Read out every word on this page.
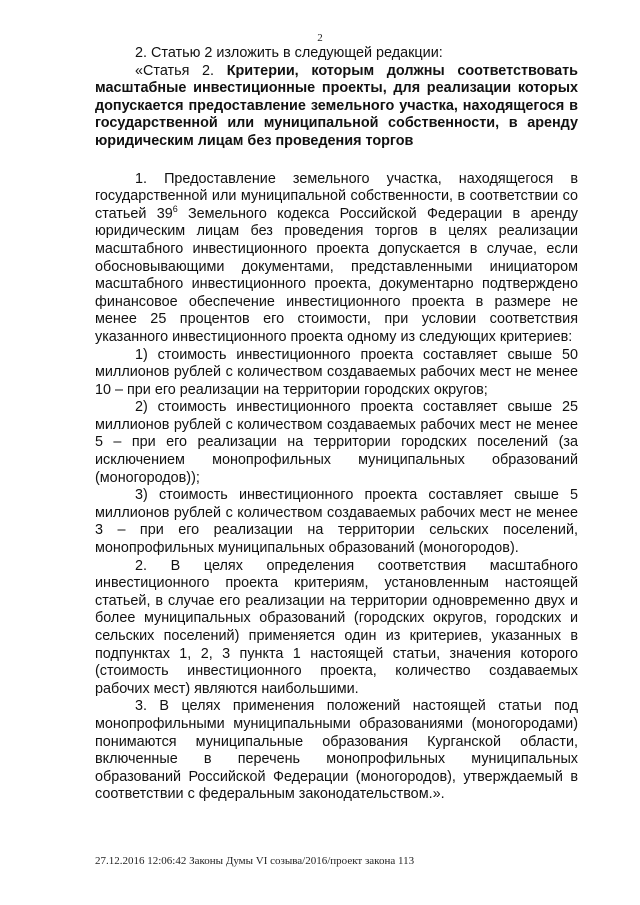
2

2. Статью 2 изложить в следующей редакции:

«Статья 2. Критерии, которым должны соответствовать масштабные инвестиционные проекты, для реализации которых допускается предоставление земельного участка, находящегося в государственной или муниципальной собственности, в аренду юридическим лицам без проведения торгов

1. Предоставление земельного участка, находящегося в государственной или муниципальной собственности, в соответствии со статьей $39^6$ Земельного кодекса Российской Федерации в аренду юридическим лицам без проведения торгов в целях реализации масштабного инвестиционного проекта допускается в случае, если обосновывающими документами, представленными инициатором масштабного инвестиционного проекта, документарно подтверждено финансовое обеспечение инвестиционного проекта в размере не менее 25 процентов его стоимости, при условии соответствия указанного инвестиционного проекта одному из следующих критериев:

1) стоимость инвестиционного проекта составляет свыше 50 миллионов рублей с количеством создаваемых рабочих мест не менее 10 – при его реализации на территории городских округов;

2) стоимость инвестиционного проекта составляет свыше 25 миллионов рублей с количеством создаваемых рабочих мест не менее 5 – при его реализации на территории городских поселений (за исключением монопрофильных муниципальных образований (моногородов));

3) стоимость инвестиционного проекта составляет свыше 5 миллионов рублей с количеством создаваемых рабочих мест не менее 3 – при его реализации на территории сельских поселений, монопрофильных муниципальных образований (моногородов).

2. В целях определения соответствия масштабного инвестиционного проекта критериям, установленным настоящей статьей, в случае его реализации на территории одновременно двух и более муниципальных образований (городских округов, городских и сельских поселений) применяется один из критериев, указанных в подпунктах 1, 2, 3 пункта 1 настоящей статьи, значения которого (стоимость инвестиционного проекта, количество создаваемых рабочих мест) являются наибольшими.

3. В целях применения положений настоящей статьи под монопрофильными муниципальными образованиями (моногородами) понимаются муниципальные образования Курганской области, включенные в перечень монопрофильных муниципальных образований Российской Федерации (моногородов), утверждаемый в соответствии с федеральным законодательством.».

27.12.2016 12:06:42 Законы Думы VI созыва/2016/проект закона 113
